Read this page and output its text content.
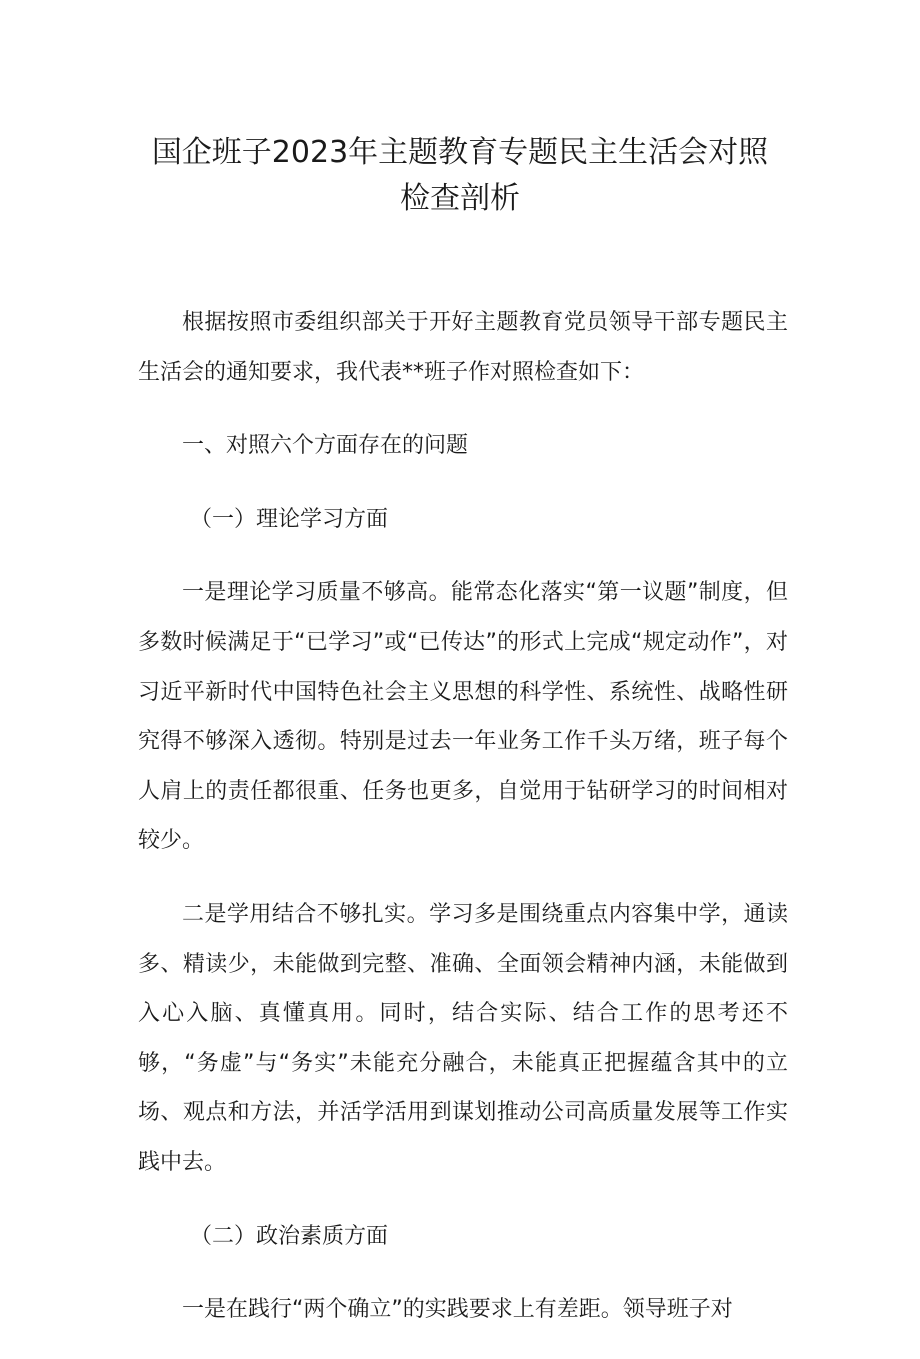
国企班子2023年主题教育专题民主生活会对照
检查剖析

根据按照市委组织部关于开好主题教育党员领导干部专题民主生活会的通知要求，我代表**班子作对照检查如下：

一、对照六个方面存在的问题

（一）理论学习方面

一是理论学习质量不够高。能常态化落实“第一议题”制度，但多数时候满足于“已学习”或“已传达”的形式上完成“规定动作”，对习近平新时代中国特色社会主义思想的科学性、系统性、战略性研究得不够深入透彻。特别是过去一年业务工作千头万绪，班子每个人肩上的责任都很重、任务也更多，自觉用于钻研学习的时间相对较少。

二是学用结合不够扎实。学习多是围绕重点内容集中学，通读多、精读少，未能做到完整、准确、全面领会精神内涵，未能做到入心入脑、真懂真用。同时，结合实际、结合工作的思考还不够，“务虚”与“务实”未能充分融合，未能真正把握蕴含其中的立场、观点和方法，并活学活用到谋划推动公司高质量发展等工作实践中去。

（二）政治素质方面

一是在践行“两个确立”的实践要求上有差距。领导班子对
